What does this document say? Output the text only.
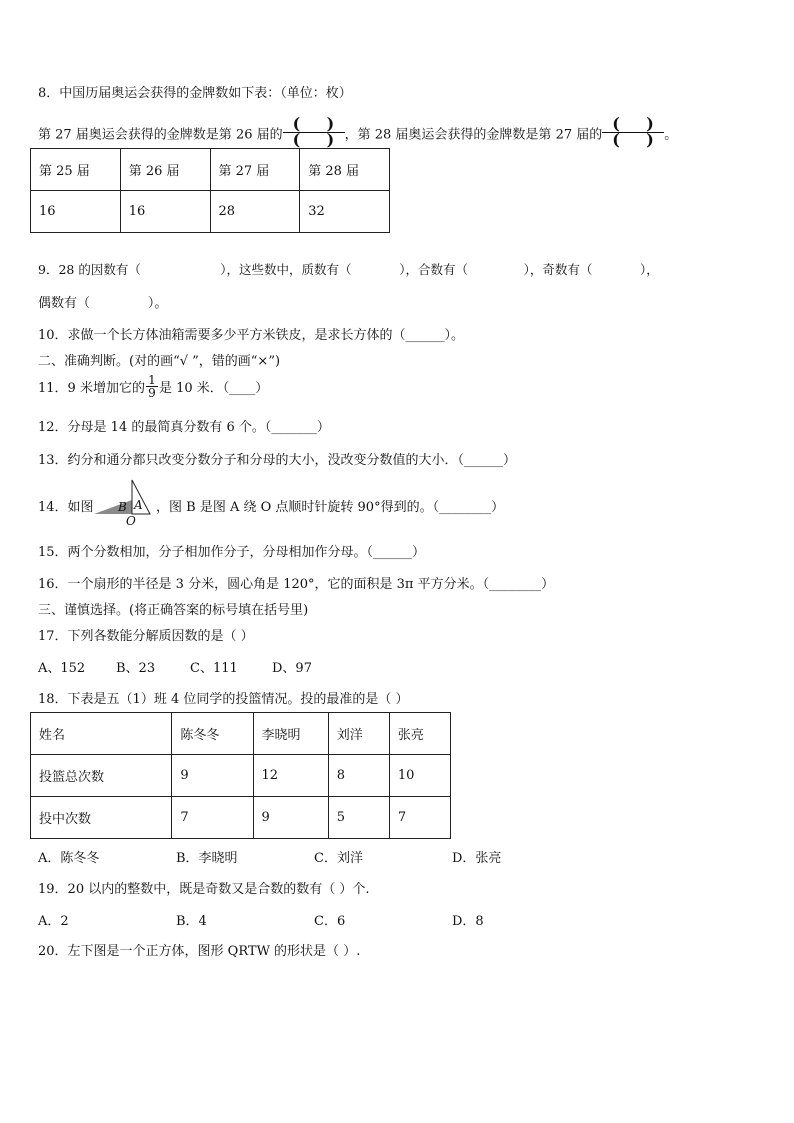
8．中国历届奥运会获得的金牌数如下表：（单位：枚）
第 27 届奥运会获得的金牌数是第 26 届的
( )
( ) ，第 28 届奥运会获得的金牌数是第 27 届的
( )
( ) 。
第 25 届	第 26 届	第 27 届	第 28 届
16	16	28	32
9．28 的因数有（                    ），这些数中，质数有（            ），合数有（              ），奇数有（            ），
偶数有（              ）。
10．求做一个长方体油箱需要多少平方米铁皮，是求长方体的（______）。
二、准确判断。(对的画“√ ”，错的画“×”)
11．9 米增加它的 $\frac{1}{9}$ 是 10 米．（____）
12．分母是 14 的最简真分数有 6 个。（_______）
13．约分和通分都只改变分数分子和分母的大小，没改变分数值的大小．（______）
14．如图 B A
O
，图 B 是图 A 绕 O 点顺时针旋转 90°得到的。（________）
15．两个分数相加，分子相加作分子，分母相加作分母。（______）
16．一个扇形的半径是 3 分米，圆心角是 120°，它的面积是 3π 平方分米。（________）
三、谨慎选择。(将正确答案的标号填在括号里)
17．下列各数能分解质因数的是（ ）
A、152 B、23	C、111	D、97
18．下表是五（1）班 4 位同学的投篮情况。投的最准的是（ ）
姓名	陈冬冬	李晓明	刘洋	张亮
投篮总次数	9	12	8	10
投中次数	7	9	5	7
A．陈冬冬	B．李晓明	C．刘洋	D．张亮
19．20 以内的整数中，既是奇数又是合数的数有（ ）个.
A．2	B．4	C．6	D．8
20．左下图是一个正方体，图形 QRTW 的形状是（ ）.
